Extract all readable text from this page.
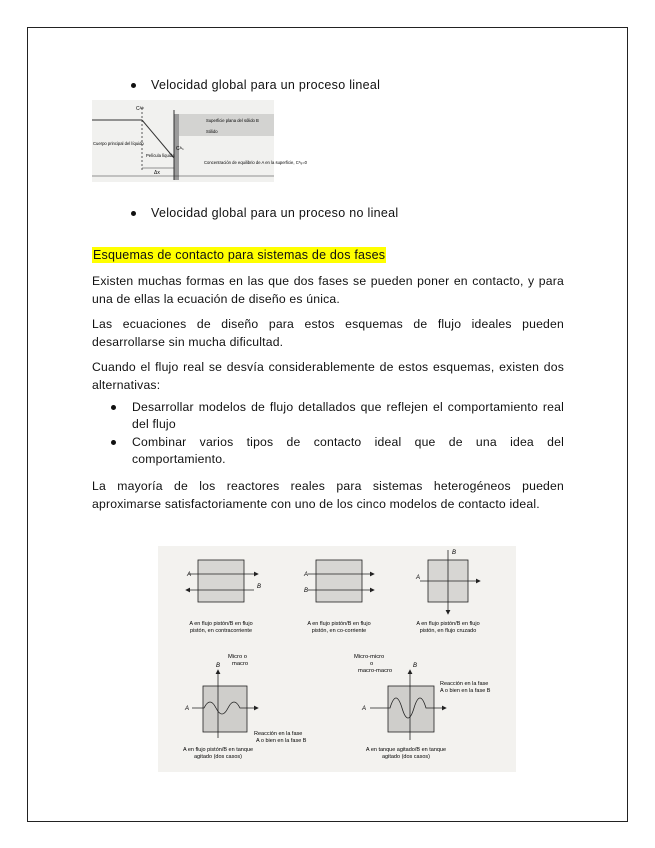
Velocidad global para un proceso lineal
Cᴬᵇ
Cᴬₛ
Cuerpo principal del líquido
Película líquida
Δx
Superficie plana del sólido B
Sólido
Concentración de equilibrio de A en la superficie, Cᴬₑ=0
Velocidad global para un proceso no lineal
Esquemas de contacto para sistemas de dos fases
Existen muchas formas en las que dos fases se pueden poner en contacto, y para una de ellas la ecuación de diseño es única.
Las ecuaciones de diseño para estos esquemas de flujo ideales pueden desarrollarse sin mucha dificultad.
Cuando el flujo real se desvía considerablemente de estos esquemas, existen dos alternativas:
Desarrollar modelos de flujo detallados que reflejen el comportamiento real del flujo
Combinar varios tipos de contacto ideal que de una idea del comportamiento.
La mayoría de los reactores reales para sistemas heterogéneos pueden aproximarse satisfactoriamente con uno de los cinco modelos de contacto ideal.
A
B
A en flujo pistón/B en flujo
pistón, en contracorriente
A
B
A en flujo pistón/B en flujo
pistón, en co-corriente
A
B
A en flujo pistón/B en flujo
pistón, en flujo cruzado
A
B
Micro o
macro
Reacción en la fase
A o bien en la fase B
A en flujo pistón/B en tanque
agitado (dos casos)
A
B
Micro-micro
o
macro-macro
Reacción en la fase
A o bien en la fase B
A en tanque agitado/B en tanque
agitado (dos casos)
